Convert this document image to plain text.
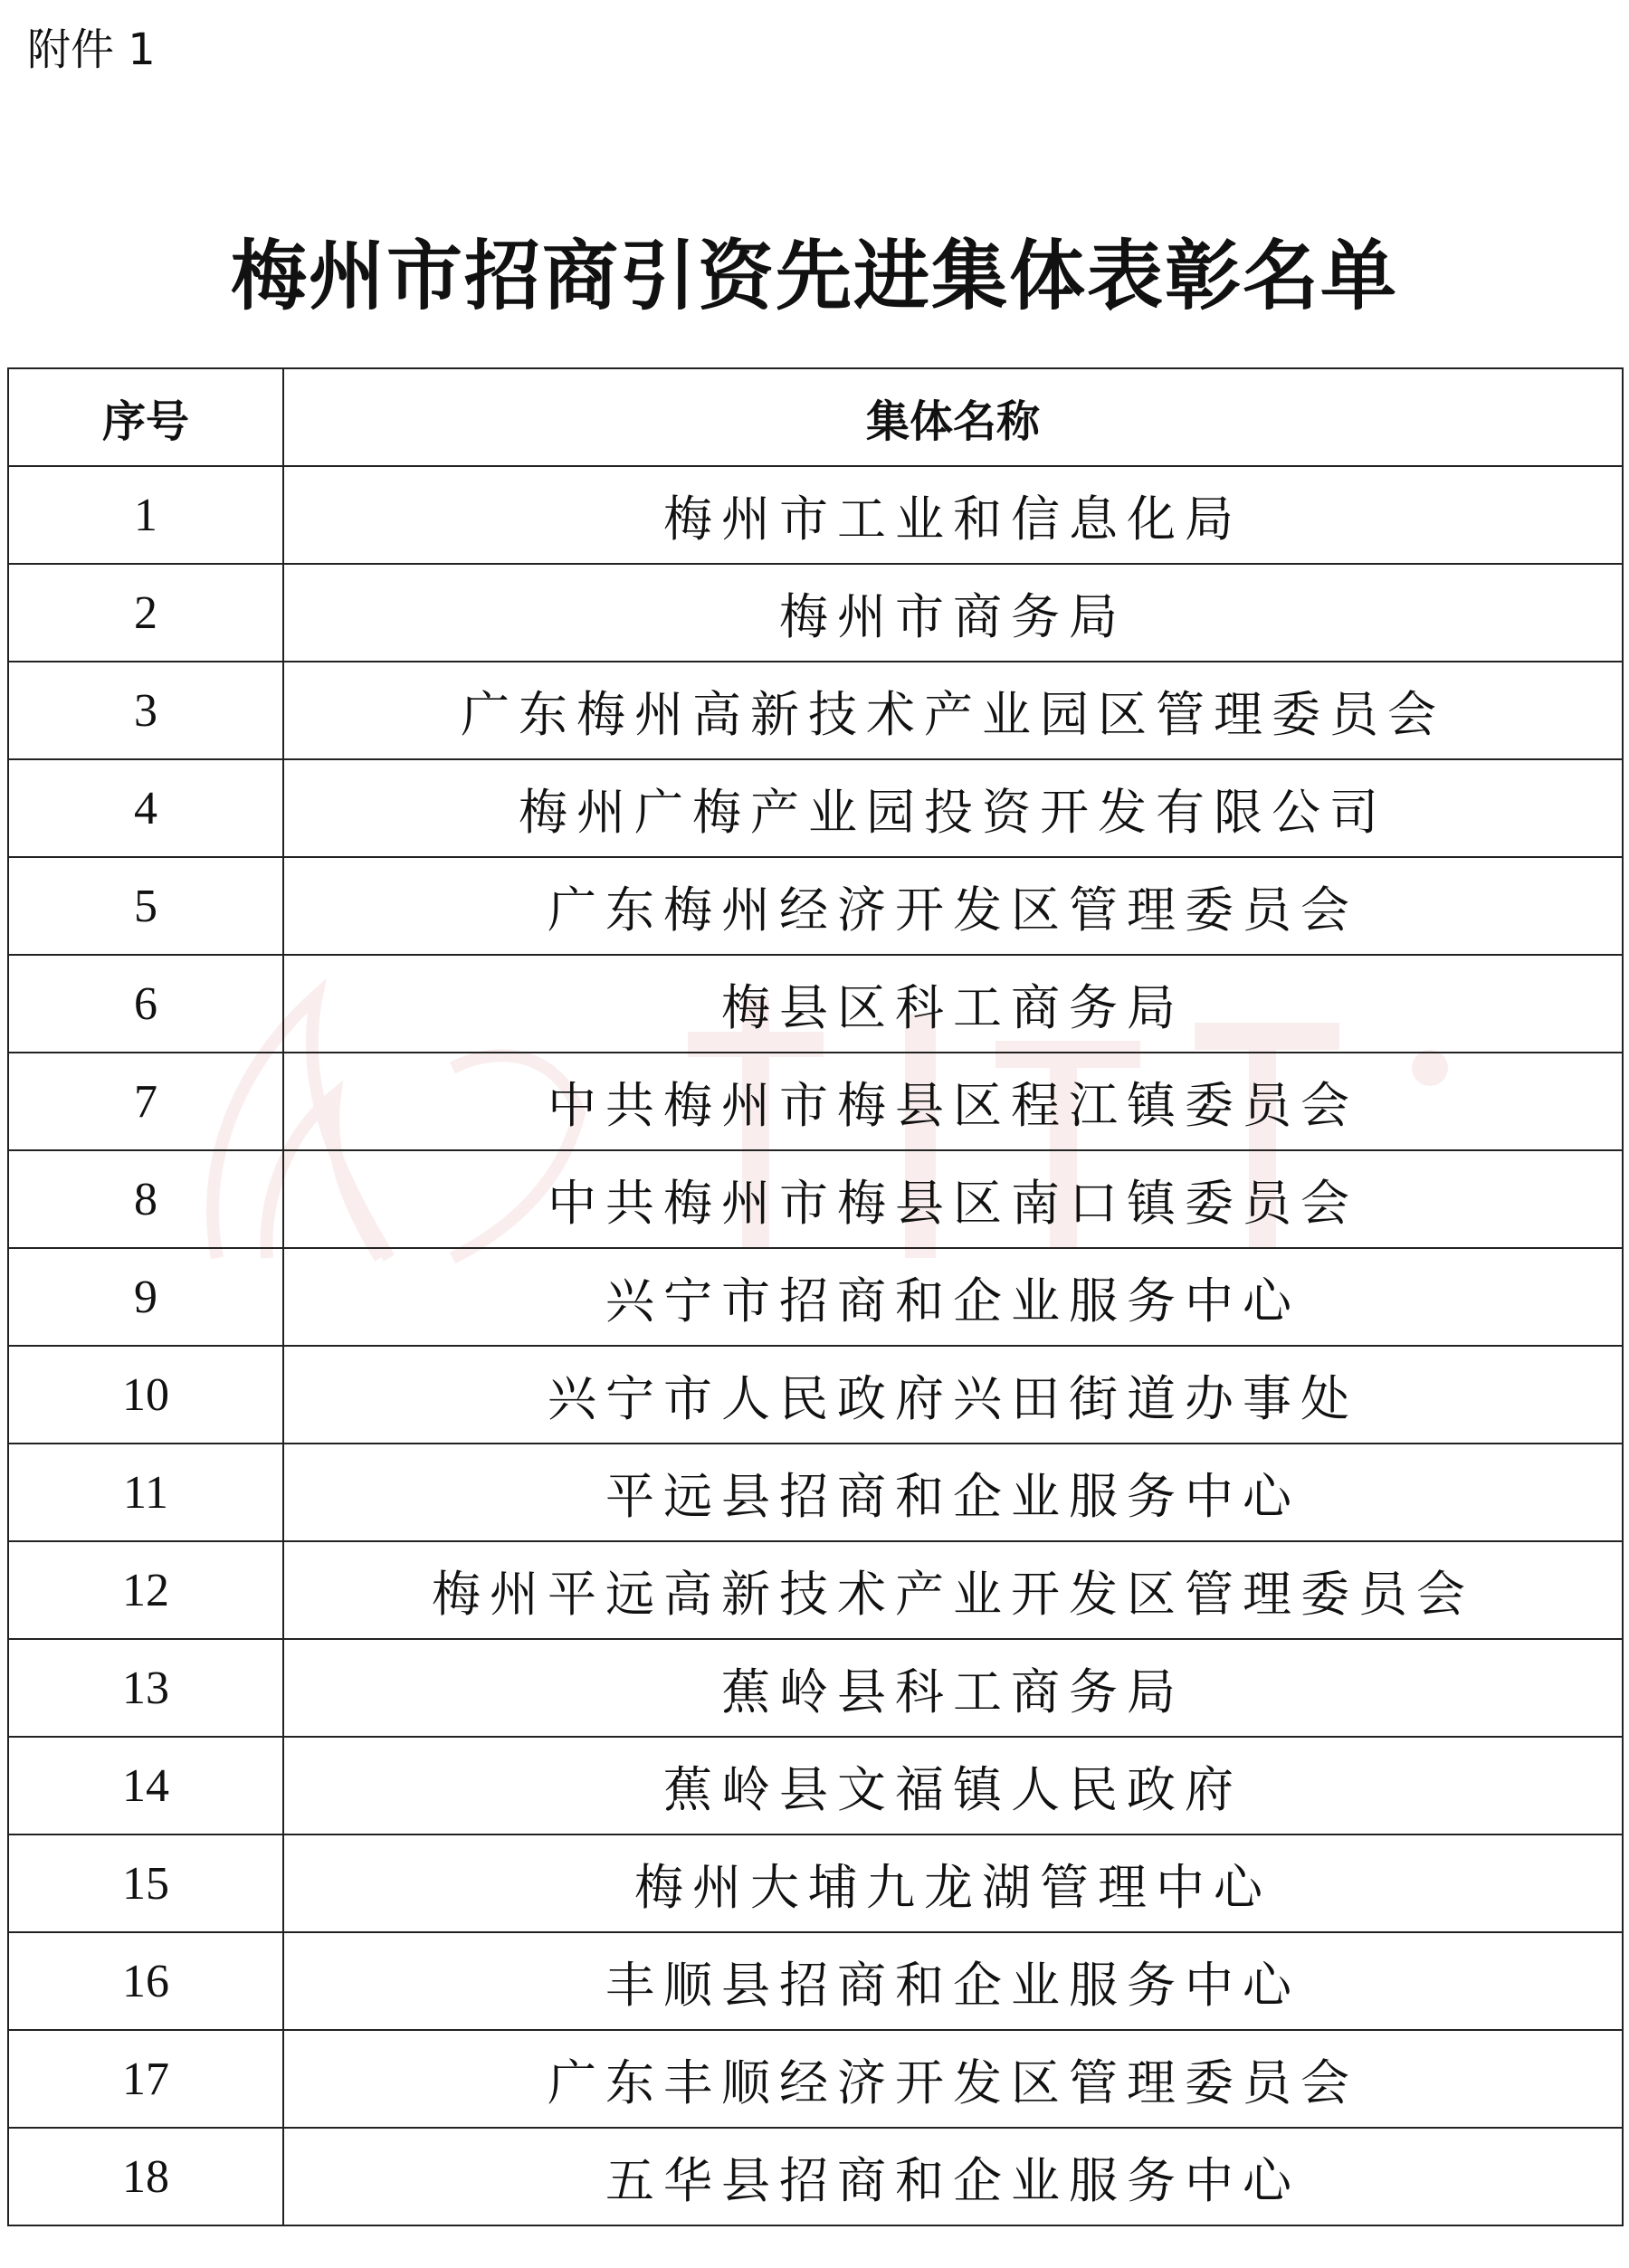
附件 1
梅州市招商引资先进集体表彰名单
序号	集体名称
1	梅州市工业和信息化局
2	梅州市商务局
3	广东梅州高新技术产业园区管理委员会
4	梅州广梅产业园投资开发有限公司
5	广东梅州经济开发区管理委员会
6	梅县区科工商务局
7	中共梅州市梅县区程江镇委员会
8	中共梅州市梅县区南口镇委员会
9	兴宁市招商和企业服务中心
10	兴宁市人民政府兴田街道办事处
11	平远县招商和企业服务中心
12	梅州平远高新技术产业开发区管理委员会
13	蕉岭县科工商务局
14	蕉岭县文福镇人民政府
15	梅州大埔九龙湖管理中心
16	丰顺县招商和企业服务中心
17	广东丰顺经济开发区管理委员会
18	五华县招商和企业服务中心
